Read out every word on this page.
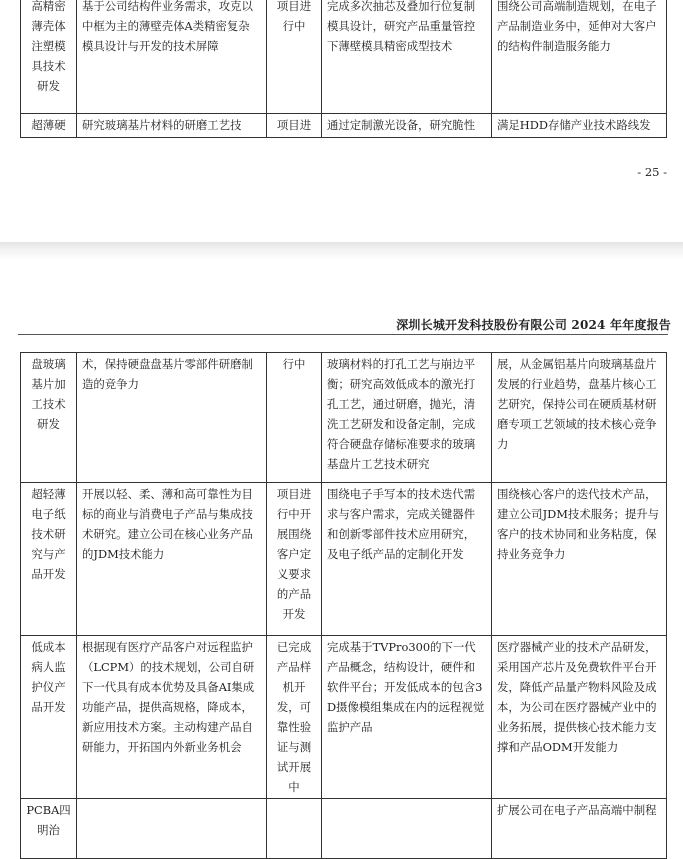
高精密薄壳体注塑模具技术研发	基于公司结构件业务需求，攻克以中框为主的薄壁壳体A类精密复杂模具设计与开发的技术屏障	项目进行中	完成多次抽芯及叠加行位复制模具设计，研究产品重量管控下薄壁模具精密成型技术	围绕公司高端制造规划，在电子产品制造业务中，延伸对大客户的结构件制造服务能力
超薄硬	研究玻璃基片材料的研磨工艺技	项目进	通过定制激光设备，研究脆性	满足HDD存储产业技术路线发
- 25 -
深圳长城开发科技股份有限公司 2024 年年度报告
盘玻璃基片加工技术研发	术，保持硬盘盘基片零部件研磨制造的竞争力	行中	玻璃材料的打孔工艺与崩边平衡；研究高效低成本的激光打孔工艺，通过研磨，抛光，清洗工艺研发和设备定制，完成符合硬盘存储标准要求的玻璃基盘片工艺技术研究	展，从金属铝基片向玻璃基盘片发展的行业趋势，盘基片核心工艺研究，保持公司在硬质基材研磨专项工艺领域的技术核心竞争力
超轻薄电子纸技术研究与产品开发	开展以轻、柔、薄和高可靠性为目标的商业与消费电子产品与集成技术研究。建立公司在核心业务产品的JDM技术能力	项目进行中开展围绕客户定义要求的产品开发	围绕电子手写本的技术迭代需求与客户需求，完成关键器件和创新零部件技术应用研究，及电子纸产品的定制化开发	围绕核心客户的迭代技术产品，建立公司JDM技术服务；提升与客户的技术协同和业务粘度，保持业务竞争力
低成本病人监护仪产品开发	根据现有医疗产品客户对远程监护（LCPM）的技术规划，公司自研下一代具有成本优势及具备AI集成功能产品，提供高规格，降成本，新应用技术方案。主动构建产品自研能力，开拓国内外新业务机会	已完成产品样机开发，可靠性验证与测试开展中	完成基于TVPro300的下一代产品概念，结构设计，硬件和软件平台；开发低成本的包含3D摄像模组集成在内的远程视觉监护产品	医疗器械产业的技术产品研发，采用国产芯片及免费软件平台开发，降低产品量产物料风险及成本，为公司在医疗器械产业中的业务拓展，提供核心技术能力支撑和产品ODM开发能力
PCBA四明治				扩展公司在电子产品高端中制程
